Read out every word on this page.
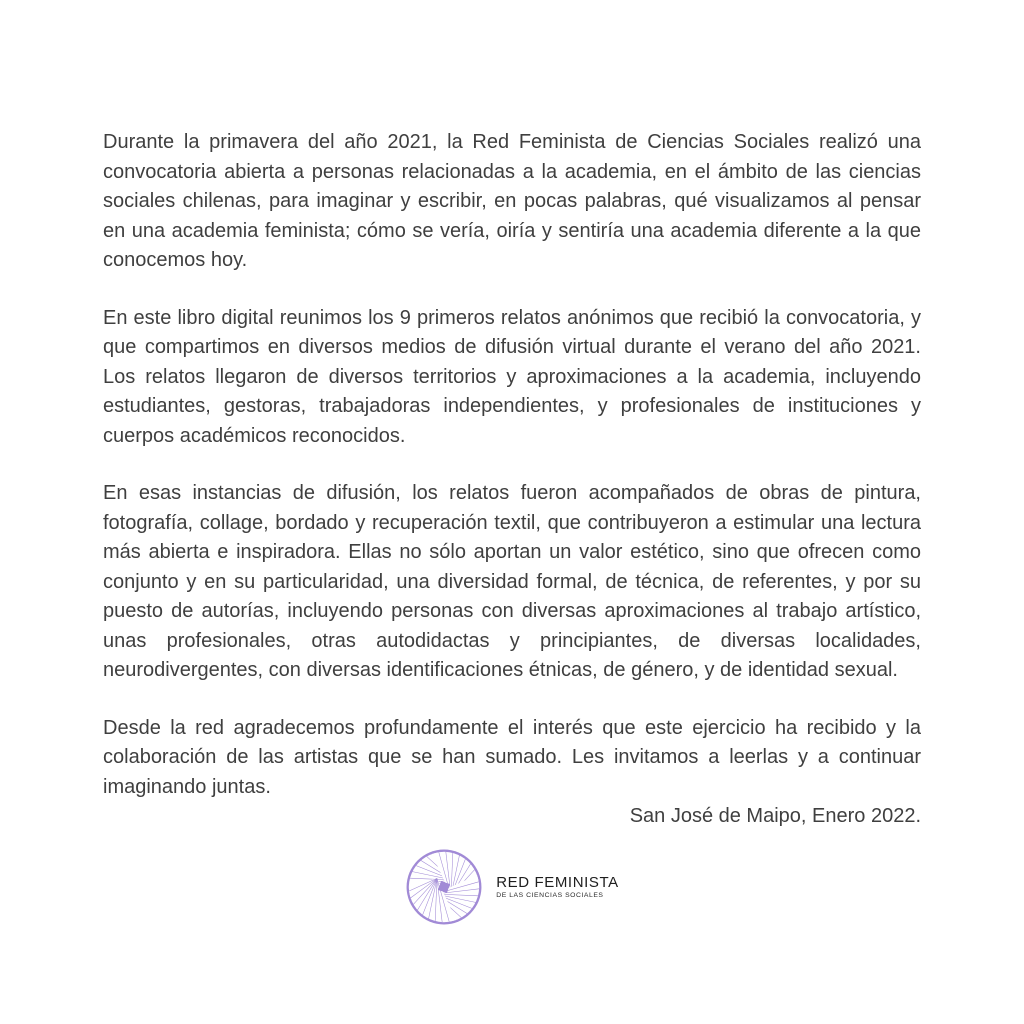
Durante la primavera del año 2021, la Red Feminista de Ciencias Sociales realizó una convocatoria abierta a personas relacionadas a la academia, en el ámbito de las ciencias sociales chilenas, para imaginar y escribir, en pocas palabras, qué visualizamos al pensar en una academia feminista; cómo se vería, oiría y sentiría una academia diferente a la que conocemos hoy.

En este libro digital reunimos los 9 primeros relatos anónimos que recibió la convocatoria, y que compartimos en diversos medios de difusión virtual durante el verano del año 2021. Los relatos llegaron de diversos territorios y aproximaciones a la academia, incluyendo estudiantes, gestoras, trabajadoras independientes, y profesionales de instituciones y cuerpos académicos reconocidos.

En esas instancias de difusión, los relatos fueron acompañados de obras de pintura, fotografía, collage, bordado y recuperación textil, que contribuyeron a estimular una lectura más abierta e inspiradora. Ellas no sólo aportan un valor estético, sino que ofrecen como conjunto y en su particularidad, una diversidad formal, de técnica, de referentes, y por su puesto de autorías, incluyendo personas con diversas aproximaciones al trabajo artístico, unas profesionales, otras autodidactas y principiantes, de diversas localidades, neurodivergentes, con diversas identificaciones étnicas, de género, y de identidad sexual.

Desde la red agradecemos profundamente el interés que este ejercicio ha recibido y la colaboración de las artistas que se han sumado. Les invitamos a leerlas y a continuar imaginando juntas.

San José de Maipo, Enero 2022.

RED FEMINISTA
DE LAS CIENCIAS SOCIALES
